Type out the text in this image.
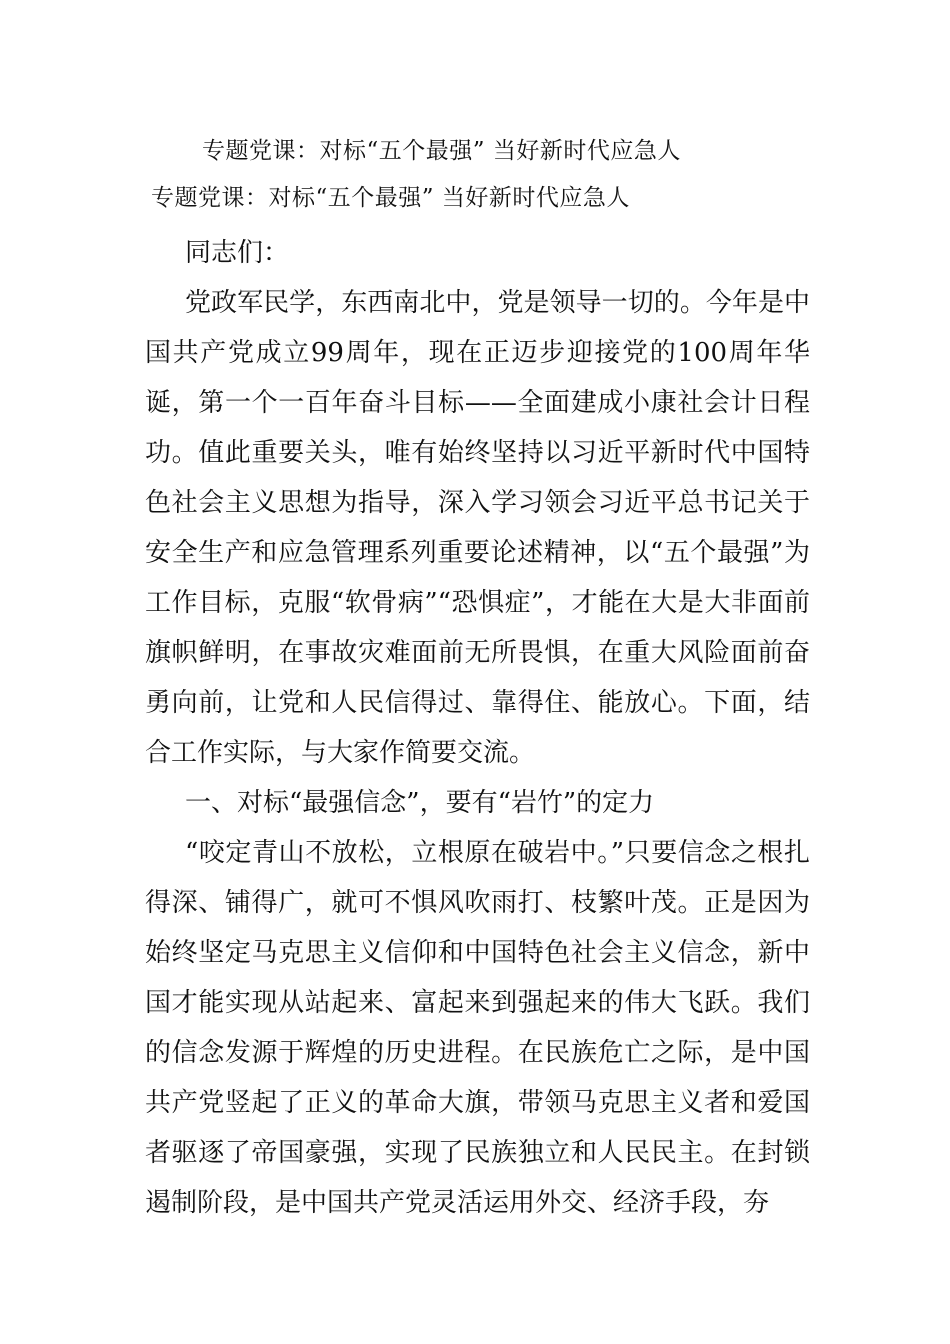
专题党课：对标“五个最强” 当好新时代应急人
专题党课：对标“五个最强” 当好新时代应急人

同志们：

党政军民学，东西南北中，党是领导一切的。今年是中国共产党成立99周年，现在正迈步迎接党的100周年华诞，第一个一百年奋斗目标——全面建成小康社会计日程功。值此重要关头，唯有始终坚持以习近平新时代中国特色社会主义思想为指导，深入学习领会习近平总书记关于安全生产和应急管理系列重要论述精神，以“五个最强”为工作目标，克服“软骨病”“恐惧症”，才能在大是大非面前旗帜鲜明，在事故灾难面前无所畏惧，在重大风险面前奋勇向前，让党和人民信得过、靠得住、能放心。下面，结合工作实际，与大家作简要交流。

一、对标“最强信念”，要有“岩竹”的定力

“咬定青山不放松，立根原在破岩中。”只要信念之根扎得深、铺得广，就可不惧风吹雨打、枝繁叶茂。正是因为始终坚定马克思主义信仰和中国特色社会主义信念，新中国才能实现从站起来、富起来到强起来的伟大飞跃。我们的信念发源于辉煌的历史进程。在民族危亡之际，是中国共产党竖起了正义的革命大旗，带领马克思主义者和爱国者驱逐了帝国豪强，实现了民族独立和人民民主。在封锁遏制阶段，是中国共产党灵活运用外交、经济手段，夯
